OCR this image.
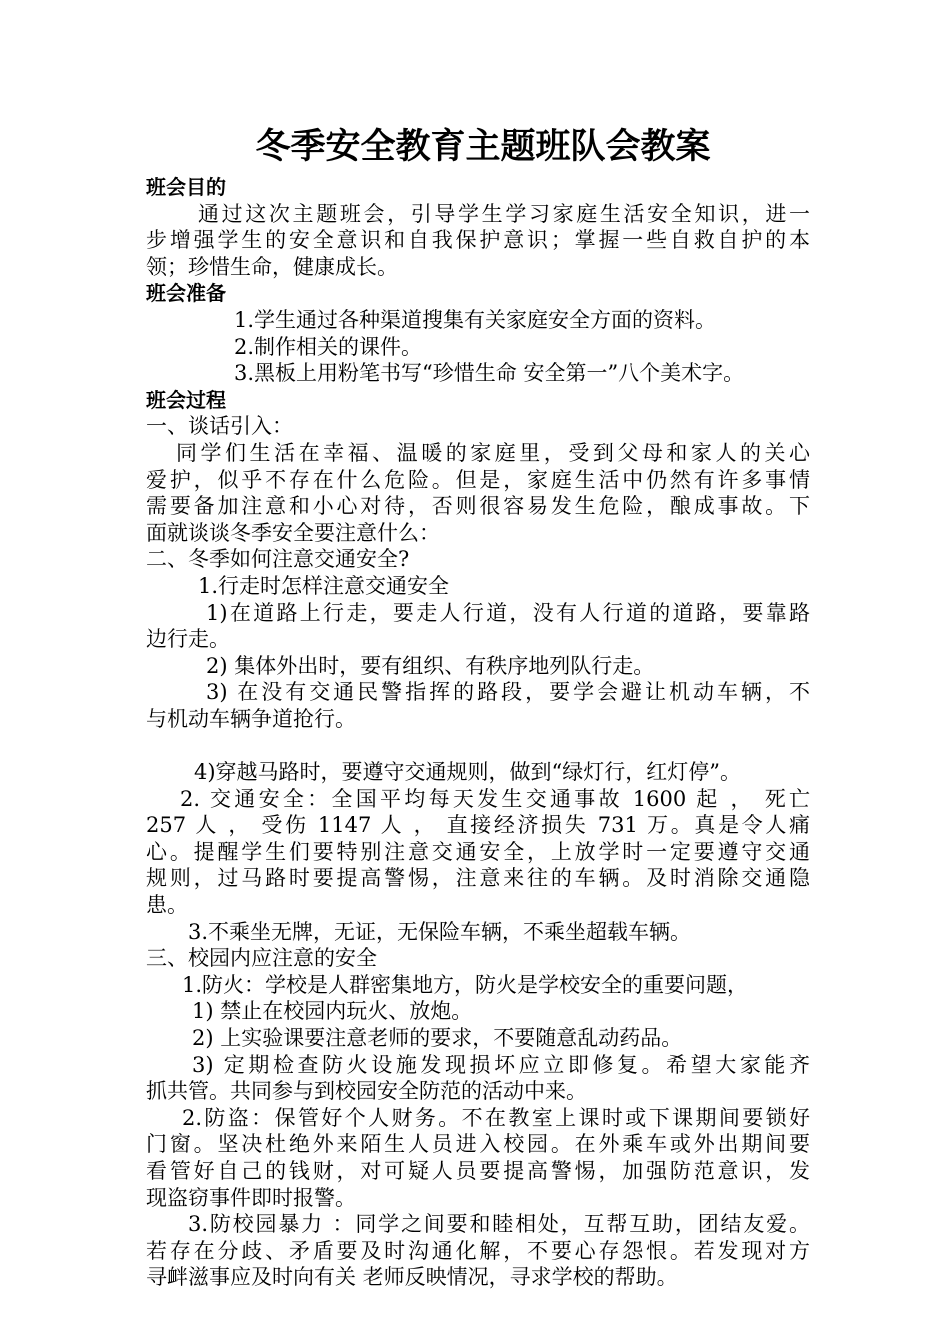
冬季安全教育主题班队会教案
班会目的
通过这次主题班会，引导学生学习家庭生活安全知识，进一
步增强学生的安全意识和自我保护意识；掌握一些自救自护的本
领；珍惜生命，健康成长。
班会准备
1.学生通过各种渠道搜集有关家庭安全方面的资料。
2.制作相关的课件。
3.黑板上用粉笔书写“珍惜生命 安全第一”八个美术字。
班会过程
一、谈话引入：
同学们生活在幸福、温暖的家庭里，受到父母和家人的关心
爱护，似乎不存在什么危险。但是，家庭生活中仍然有许多事情
需要备加注意和小心对待，否则很容易发生危险，酿成事故。下
面就谈谈冬季安全要注意什么：
二、冬季如何注意交通安全?
1.行走时怎样注意交通安全
1)在道路上行走，要走人行道，没有人行道的道路，要靠路
边行走。
2) 集体外出时，要有组织、有秩序地列队行走。
3) 在没有交通民警指挥的路段，要学会避让机动车辆，不
与机动车辆争道抢行。
4)穿越马路时，要遵守交通规则，做到“绿灯行，红灯停”。
2. 交通安全：全国平均每天发生交通事故 1600 起 ， 死亡
257 人 ， 受伤 1147 人 ， 直接经济损失 731 万。真是令人痛
心。提醒学生们要特别注意交通安全，上放学时一定要遵守交通
规则，过马路时要提高警惕，注意来往的车辆。及时消除交通隐
患。
3.不乘坐无牌，无证，无保险车辆，不乘坐超载车辆。
三、校园内应注意的安全
1.防火：学校是人群密集地方，防火是学校安全的重要问题，
1) 禁止在校园内玩火、放炮。
2) 上实验课要注意老师的要求，不要随意乱动药品。
3) 定期检查防火设施发现损坏应立即修复。希望大家能齐
抓共管。共同参与到校园安全防范的活动中来。
2.防盗：保管好个人财务。不在教室上课时或下课期间要锁好
门窗。坚决杜绝外来陌生人员进入校园。在外乘车或外出期间要
看管好自己的钱财，对可疑人员要提高警惕，加强防范意识，发
现盗窃事件即时报警。
3.防校园暴力 ：同学之间要和睦相处，互帮互助，团结友爱。
若存在分歧、矛盾要及时沟通化解，不要心存怨恨。若发现对方
寻衅滋事应及时向有关 老师反映情况，寻求学校的帮助。
